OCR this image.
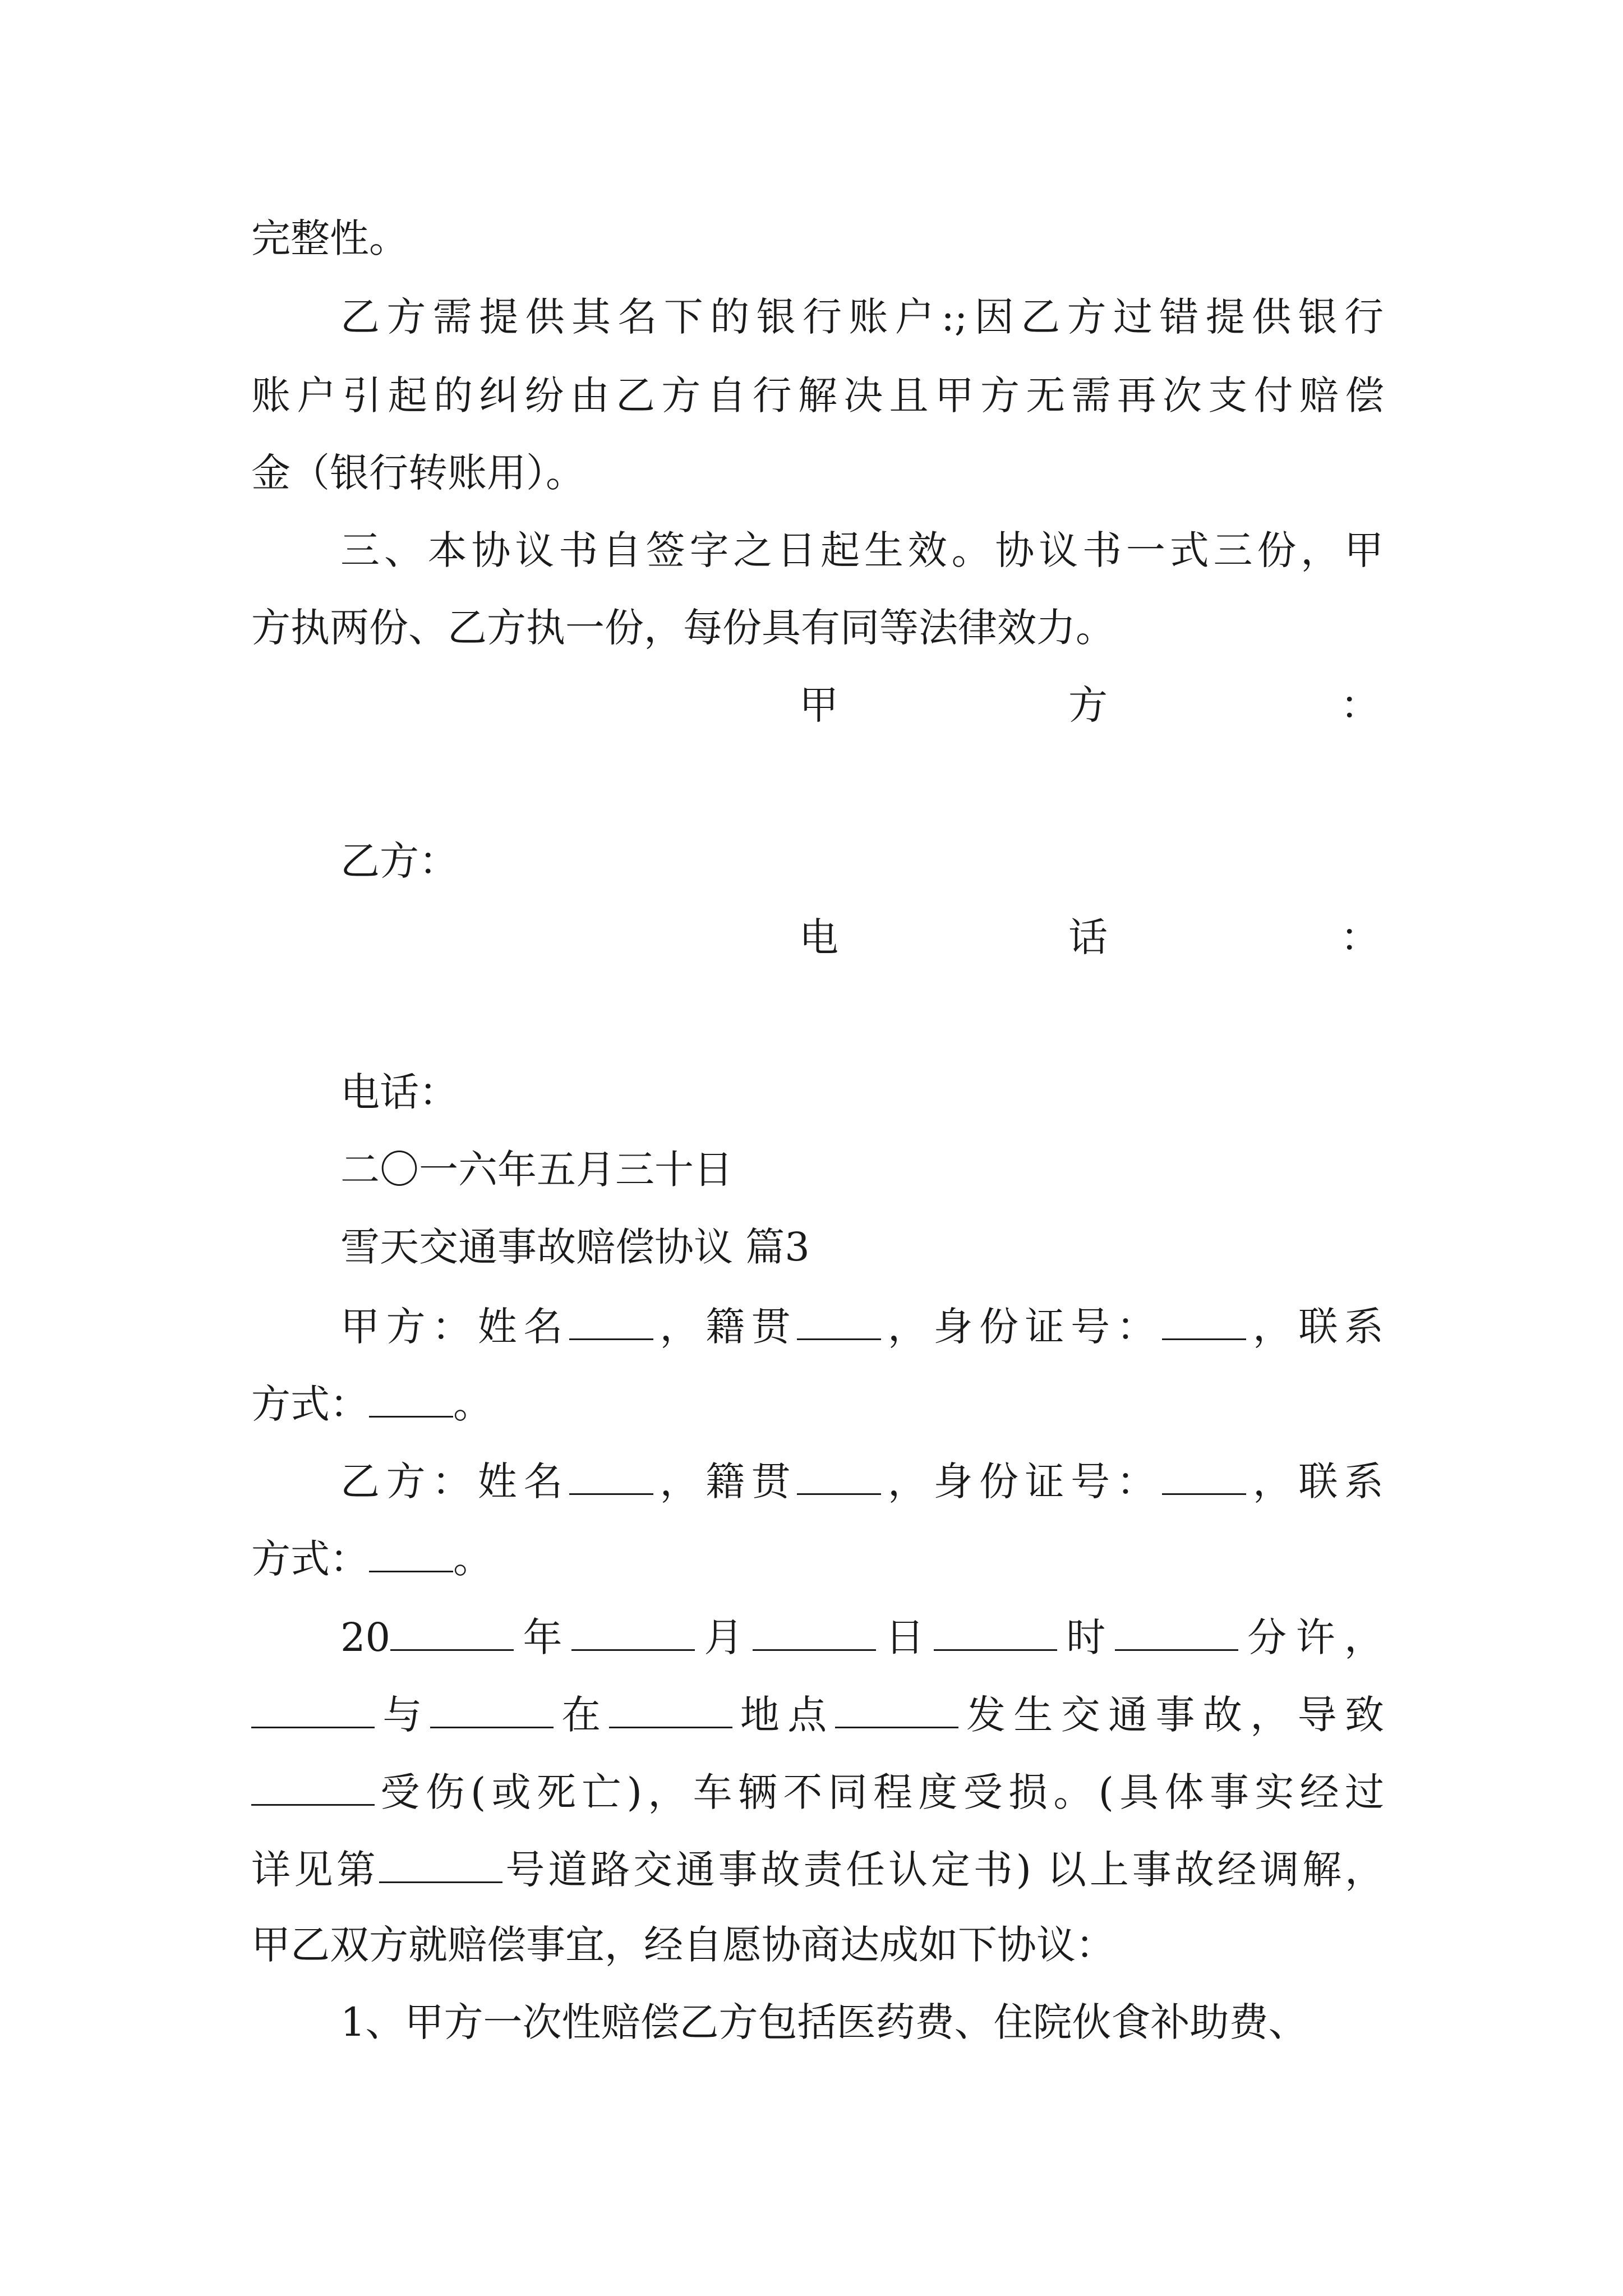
完整性。
乙方需提供其名下的银行账户:;因乙方过错提供银行
账户引起的纠纷由乙方自行解决且甲方无需再次支付赔偿
金（银行转账用）。
三、本协议书自签字之日起生效。协议书一式三份，甲
方执两份、乙方执一份，每份具有同等法律效力。
甲	方	：
乙方：
电	话	：
电话：
二〇一六年五月三十日
雪天交通事故赔偿协议 篇3
甲方：姓名 ，籍贯 ，身份证号： ，联系
方式： 。
乙方：姓名 ，籍贯 ，身份证号： ，联系
方式： 。
20	年	月	日	时	分许，
与	在	地点	发生交通事故，导致
受伤(或死亡)，车辆不同程度受损。(具体事实经过
详见第	号道路交通事故责任认定书) 以上事故经调解，
甲乙双方就赔偿事宜，经自愿协商达成如下协议：
1、甲方一次性赔偿乙方包括医药费、住院伙食补助费、
